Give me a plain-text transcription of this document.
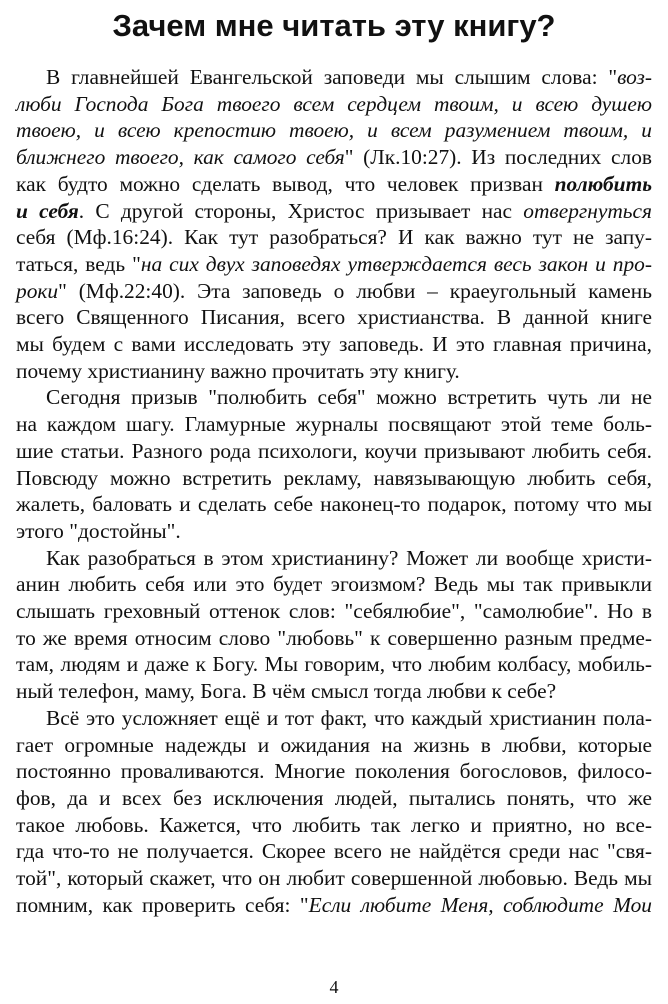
Зачем мне читать эту книгу?
В главнейшей Евангельской заповеди мы слышим слова: "воз-
люби Господа Бога твоего всем сердцем твоим, и всею душею
твоею, и всею крепостию твоею, и всем разумением твоим, и
ближнего твоего, как самого себя" (Лк.10:27). Из последних слов
как будто можно сделать вывод, что человек призван полюбить
и себя. С другой стороны, Христос призывает нас отвергнуться
себя (Мф.16:24). Как тут разобраться? И как важно тут не запу-
таться, ведь "на сих двух заповедях утверждается весь закон и про-
роки" (Мф.22:40). Эта заповедь о любви – краеугольный камень
всего Священного Писания, всего христианства. В данной книге
мы будем с вами исследовать эту заповедь. И это главная причина,
почему христианину важно прочитать эту книгу.
Сегодня призыв "полюбить себя" можно встретить чуть ли не
на каждом шагу. Гламурные журналы посвящают этой теме боль-
шие статьи. Разного рода психологи, коучи призывают любить себя.
Повсюду можно встретить рекламу, навязывающую любить себя,
жалеть, баловать и сделать себе наконец-то подарок, потому что мы
этого "достойны".
Как разобраться в этом христианину? Может ли вообще христи-
анин любить себя или это будет эгоизмом? Ведь мы так привыкли
слышать греховный оттенок слов: "себялюбие", "самолюбие". Но в
то же время относим слово "любовь" к совершенно разным предме-
там, людям и даже к Богу. Мы говорим, что любим колбасу, мобиль-
ный телефон, маму, Бога. В чём смысл тогда любви к себе?
Всё это усложняет ещё и тот факт, что каждый христианин пола-
гает огромные надежды и ожидания на жизнь в любви, которые
постоянно проваливаются. Многие поколения богословов, филосо-
фов, да и всех без исключения людей, пытались понять, что же
такое любовь. Кажется, что любить так легко и приятно, но все-
гда что-то не получается. Скорее всего не найдётся среди нас "свя-
той", который скажет, что он любит совершенной любовью. Ведь мы
помним, как проверить себя: "Если любите Меня, соблюдите Мои
4
